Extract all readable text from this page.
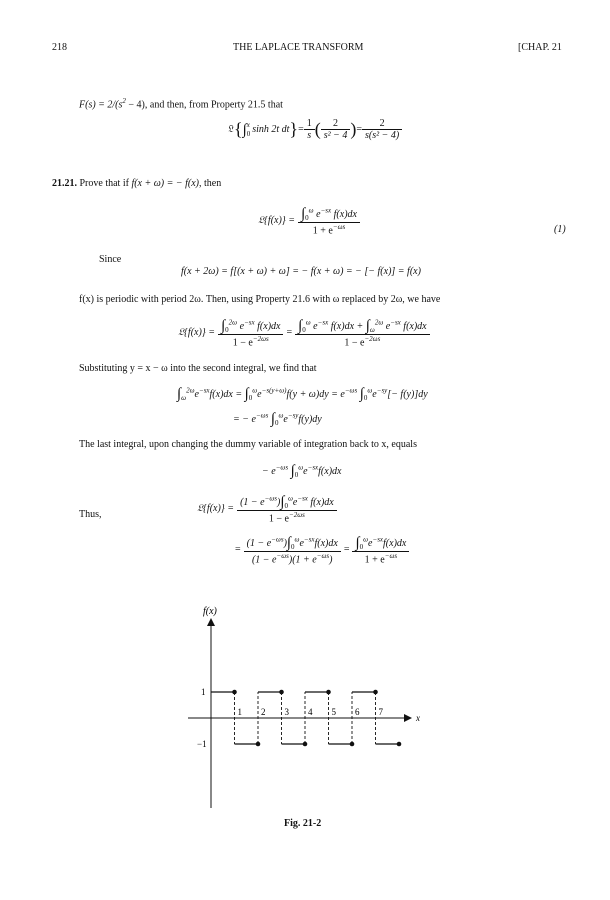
218	THE LAPLACE TRANSFORM	[CHAP. 21
$F(s) = 2/(s^2 - 4)$, and then, from Property 21.5 that
𝔏 { ∫ x
0 sinh 2t dt } = $\frac{1}{s}$ ( $\frac{2}{\text{s² − 4}}$ ) = $\frac{2}{\text{s(s² − 4)}}$
21.21. Prove that if f(x + ω) = − f(x), then
𝔏{f(x)} = $\frac{\int_0^\omega e^{-sx} f(x)dx}{1 + e^{-\omega s}}$	(1)
Since
f(x + 2ω) = f[(x + ω) + ω] = − f(x + ω) = − [− f(x)] = f(x)
f(x) is periodic with period 2ω. Then, using Property 21.6 with ω replaced by 2ω, we have
𝔏{f(x)} = $\frac{\int_0^{2\omega} e^{-sx} f(x)dx}{1 - e^{-2\omega s}} = \frac{\int_0^\omega e^{-sx} f(x)dx + \int_\omega^{2\omega} e^{-sx} f(x)dx}{1 - e^{-2\omega s}}$
Substituting y = x − ω into the second integral, we find that
$\int_\omega^{2\omega}e^{-sx}f(x)dx = \int_0^\omega e^{-s(y+\omega)}f(y + \omega)dy = e^{-\omega s}$ $\int_0^\omega e^{-sy}[- f(y)]dy$
= − $e^{-\omega s}$ $\int_0^\omega e^{-sy}f(y)dy$
The last integral, upon changing the dummy variable of integration back to x, equals
− $e^{-\omega s}$ $\int_0^\omega e^{-sx}f(x)dx$
Thus,
𝔏{f(x)} = $\frac{(1 - e^{-\omega s})\int_0^\omega e^{-sx} f(x)dx}{1 - e^{-2\omega s}}$
= $\frac{(1 - e^{-\omega s})\int_0^\omega e^{-sx}f(x)dx}{(1 - e^{-\omega s})(1 + e^{-\omega s})} = \frac{\int_0^\omega e^{-sx}f(x)dx}{1 + e^{-\omega s}}$
f(x)
x
1 2 3 4 5 6 7
1
−1
Fig. 21-2
